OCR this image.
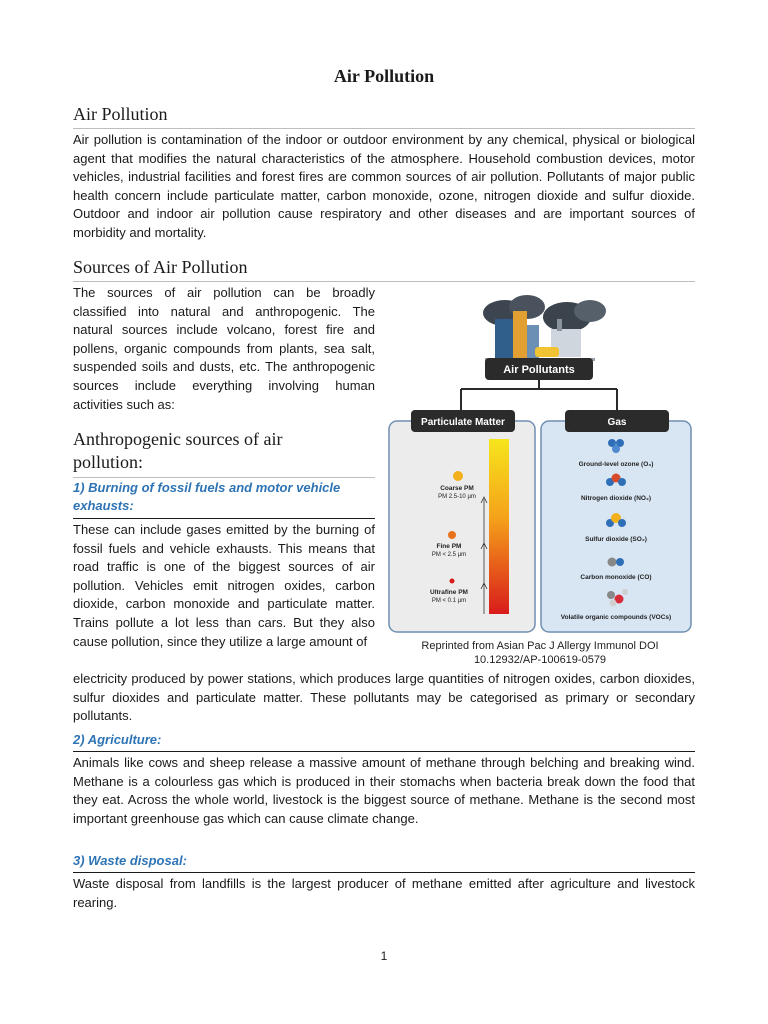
Air Pollution
Air Pollution
Air pollution is contamination of the indoor or outdoor environment by any chemical, physical or biological agent that modifies the natural characteristics of the atmosphere. Household combustion devices, motor vehicles, industrial facilities and forest fires are common sources of air pollution. Pollutants of major public health concern include particulate matter, carbon monoxide, ozone, nitrogen dioxide and sulfur dioxide. Outdoor and indoor air pollution cause respiratory and other diseases and are important sources of morbidity and mortality.
Sources of Air Pollution
The sources of air pollution can be broadly classified into natural and anthropogenic. The natural sources include volcano, forest fire and pollens, organic compounds from plants, sea salt, suspended soils and dusts, etc. The anthropogenic sources include everything involving human activities such as:
Anthropogenic sources of air
pollution:
1) Burning of fossil fuels and motor vehicle exhausts:
These can include gases emitted by the burning of fossil fuels and vehicle exhausts. This means that road traffic is one of the biggest sources of air pollution. Vehicles emit nitrogen oxides, carbon dioxide, carbon monoxide and particulate matter. Trains pollute a lot less than cars. But they also cause pollution, since they utilize a large amount of
electricity produced by power stations, which produces large quantities of nitrogen oxides, carbon dioxides, sulfur dioxides and particulate matter. These pollutants may be categorised as primary or secondary pollutants.
2) Agriculture:
Animals like cows and sheep release a massive amount of methane through belching and breaking wind. Methane is a colourless gas which is produced in their stomachs when bacteria break down the food that they eat. Across the whole world, livestock is the biggest source of methane. Methane is the second most important greenhouse gas which can cause climate change.
3) Waste disposal:
Waste disposal from landfills is the largest producer of methane emitted after agriculture and livestock rearing.
Air Pollutants
Particulate Matter
Coarse PM
PM 2.5-10 µm
Fine PM
PM < 2.5 µm
Ultrafine PM
PM < 0.1 µm
Gas
Ground-level ozone (O₃)
Nitrogen dioxide (NO₂)
Sulfur dioxide (SO₂)
Carbon monoxide (CO)
Volatile organic compounds (VOCs)
Reprinted from Asian Pac J Allergy Immunol DOI
10.12932/AP-100619-0579
1
